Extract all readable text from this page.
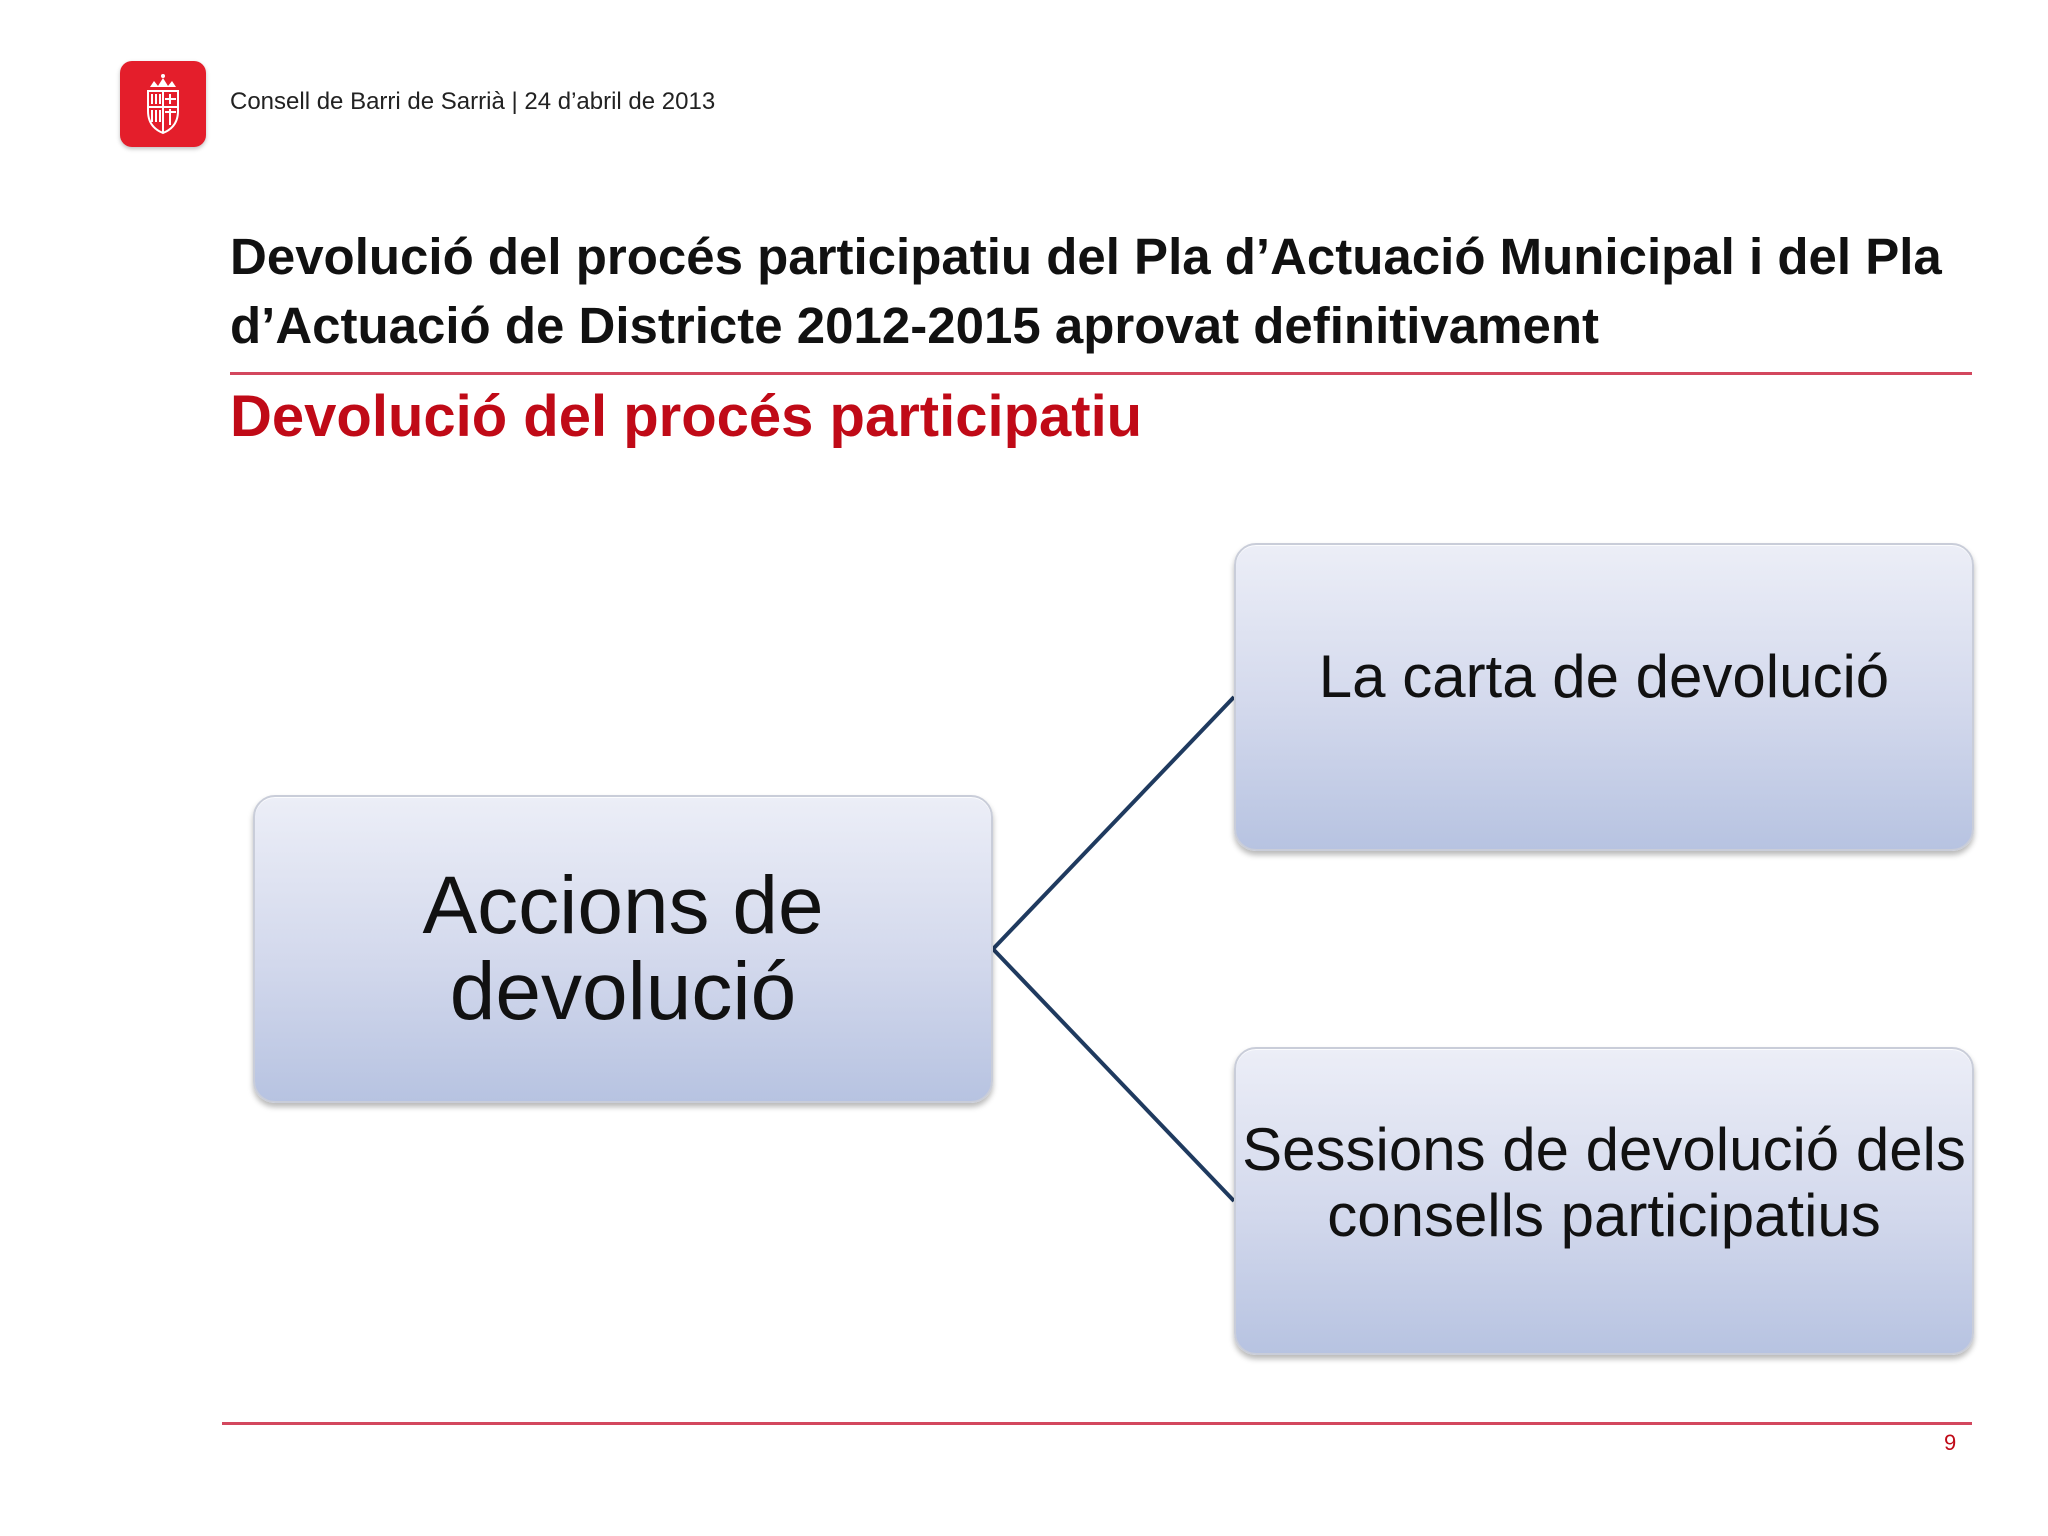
Consell de Barri de Sarrià | 24 d’abril de 2013
Devolució del procés participatiu del Pla d’Actuació Municipal i del Pla d’Actuació de Districte 2012-2015 aprovat definitivament
Devolució del procés participatiu
Accions de devolució
La carta de devolució
Sessions de devolució dels consells participatius
9
